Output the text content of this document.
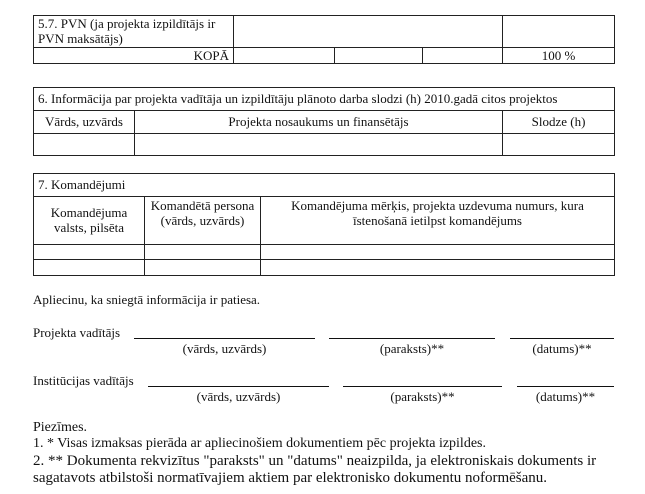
5.7. PVN (ja projekta izpildītājs ir PVN maksātājs)				
KOPĀ				100 %
6. Informācija par projekta vadītāja un izpildītāju plānoto darba slodzi (h) 2010.gadā citos projektos		
Vārds, uzvārds	Projekta nosaukums un finansētājs	Slodze (h)

7. Komandējumi		
Komandējuma valsts, pilsēta	Komandētā persona (vārds, uzvārds)	Komandējuma mērķis, projekta uzdevuma numurs, kura īstenošanā ietilpst komandējums

Apliecinu, ka sniegtā informācija ir patiesa.
Projekta vadītājs
(vārds, uzvārds)	(paraksts)**	(datums)**
Institūcijas vadītājs
(vārds, uzvārds)	(paraksts)**	(datums)**
Piezīmes.
1. * Visas izmaksas pierāda ar apliecinošiem dokumentiem pēc projekta izpildes.
2. ** Dokumenta rekvizītus "paraksts" un "datums" neaizpilda, ja elektroniskais dokuments ir
sagatavots atbilstoši normatīvajiem aktiem par elektronisko dokumentu noformēšanu.
